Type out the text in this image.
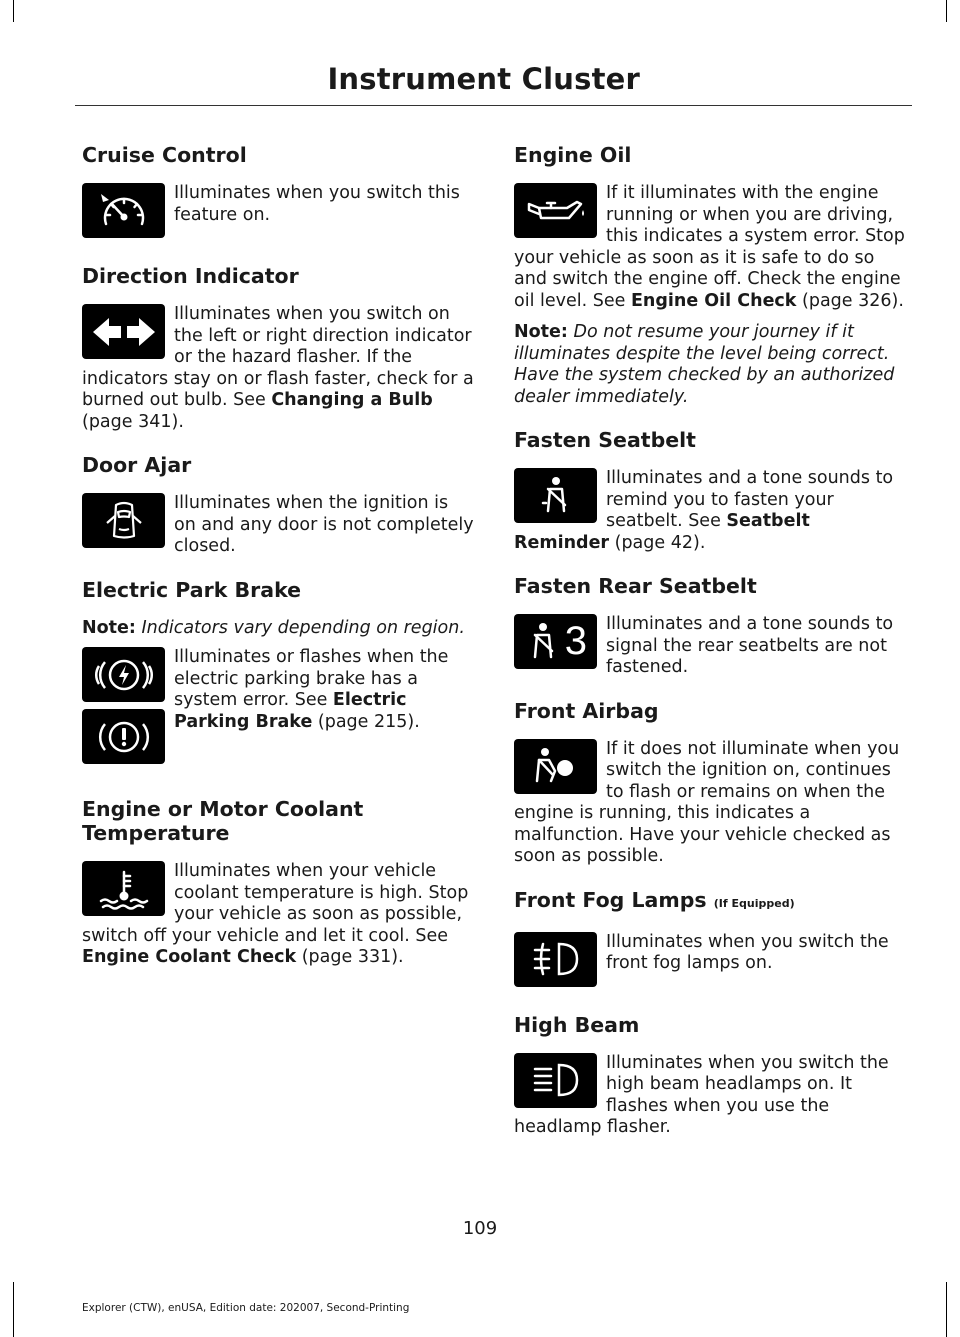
Instrument Cluster
Cruise Control

Illuminates when you switch this feature on.

Direction Indicator

Illuminates when you switch on the left or right direction indicator or the hazard flasher. If the indicators stay on or flash faster, check for a burned out bulb. See Changing a Bulb (page 341).

Door Ajar

Illuminates when the ignition is on and any door is not completely closed.

Electric Park Brake

Note: Indicators vary depending on region.

Illuminates or flashes when the electric parking brake has a system error. See Electric Parking Brake (page 215).

Engine or Motor Coolant Temperature

Illuminates when your vehicle coolant temperature is high. Stop your vehicle as soon as possible, switch off your vehicle and let it cool. See Engine Coolant Check (page 331).

Engine Oil

If it illuminates with the engine running or when you are driving, this indicates a system error. Stop your vehicle as soon as it is safe to do so and switch the engine off. Check the engine oil level. See Engine Oil Check (page 326).

Note: Do not resume your journey if it illuminates despite the level being correct. Have the system checked by an authorized dealer immediately.

Fasten Seatbelt

Illuminates and a tone sounds to remind you to fasten your seatbelt. See Seatbelt Reminder (page 42).

Fasten Rear Seatbelt
3	Illuminates and a tone sounds to signal the rear seatbelts are not fastened.

Front Airbag

If it does not illuminate when you switch the ignition on, continues to flash or remains on when the engine is running, this indicates a malfunction. Have your vehicle checked as soon as possible.

Front Fog Lamps (If Equipped)

Illuminates when you switch the front fog lamps on.

High Beam

Illuminates when you switch the high beam headlamps on. It flashes when you use the headlamp flasher.

109
Explorer (CTW), enUSA, Edition date: 202007, Second-Printing
